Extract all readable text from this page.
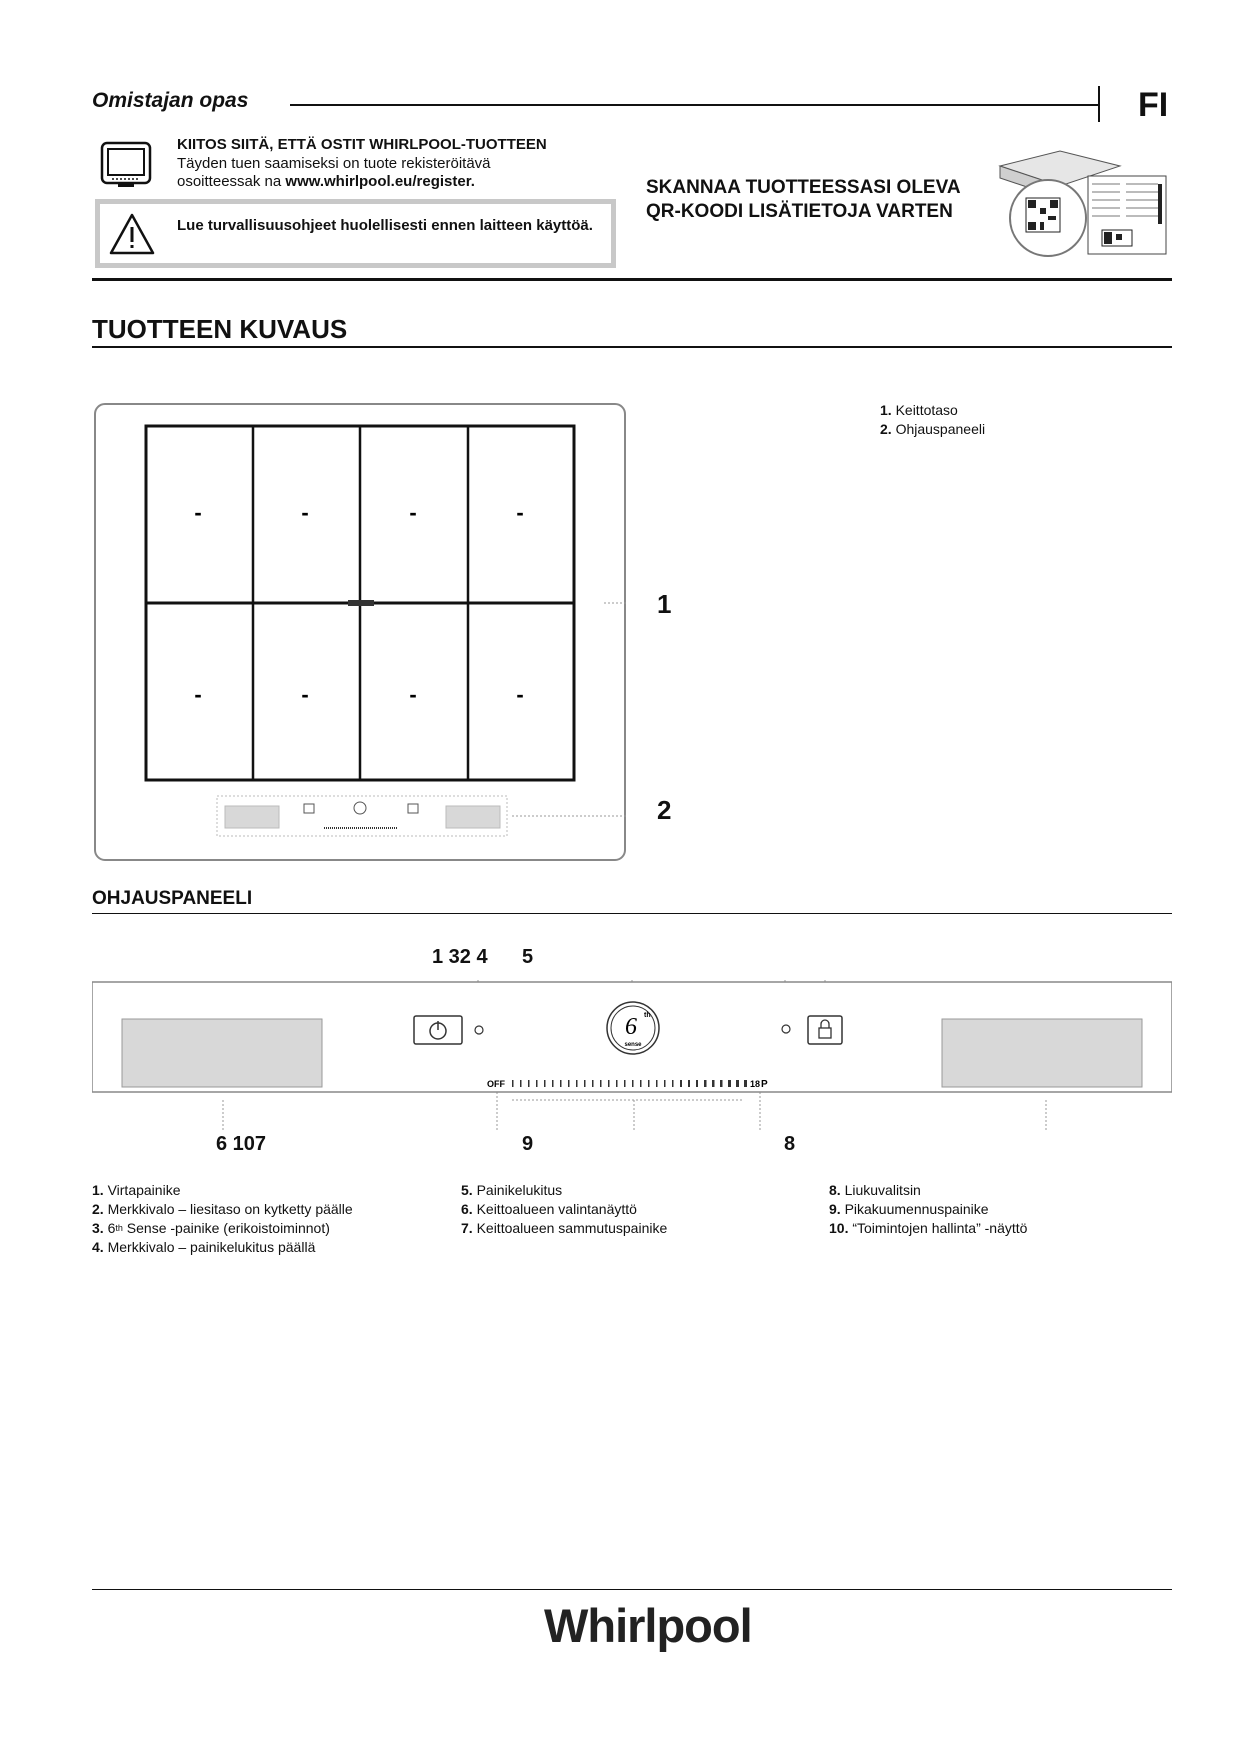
Omistajan opas	FI
KIITOS SIITÄ, ETTÄ OSTIT WHIRLPOOL-TUOTTEEN
Täyden tuen saamiseksi on tuote rekisteröitävä
osoitteessak na www.whirlpool.eu/register.
Lue turvallisuusohjeet huolellisesti ennen laitteen käyttöä.
SKANNAA TUOTTEESSASI OLEVA
QR-KOODI LISÄTIETOJA VARTEN
TUOTTEEN KUVAUS
1. Keittotaso
2. Ohjauspaneeli
-	-	-	-
-	-	-	-
1
2
OHJAUSPANEELI
1 32 4 5
6 th
sense
OFF	18 P
6 107	9	8
1. Virtapainike
2. Merkkivalo – liesitaso on kytketty päälle
3. 6th Sense -painike (erikoistoiminnot)
4. Merkkivalo – painikelukitus päällä
5. Painikelukitus
6. Keittoalueen valintanäyttö
7. Keittoalueen sammutuspainike
8. Liukuvalitsin
9. Pikakuumennuspainike
10. “Toimintojen hallinta” -näyttö
Whirlpool
